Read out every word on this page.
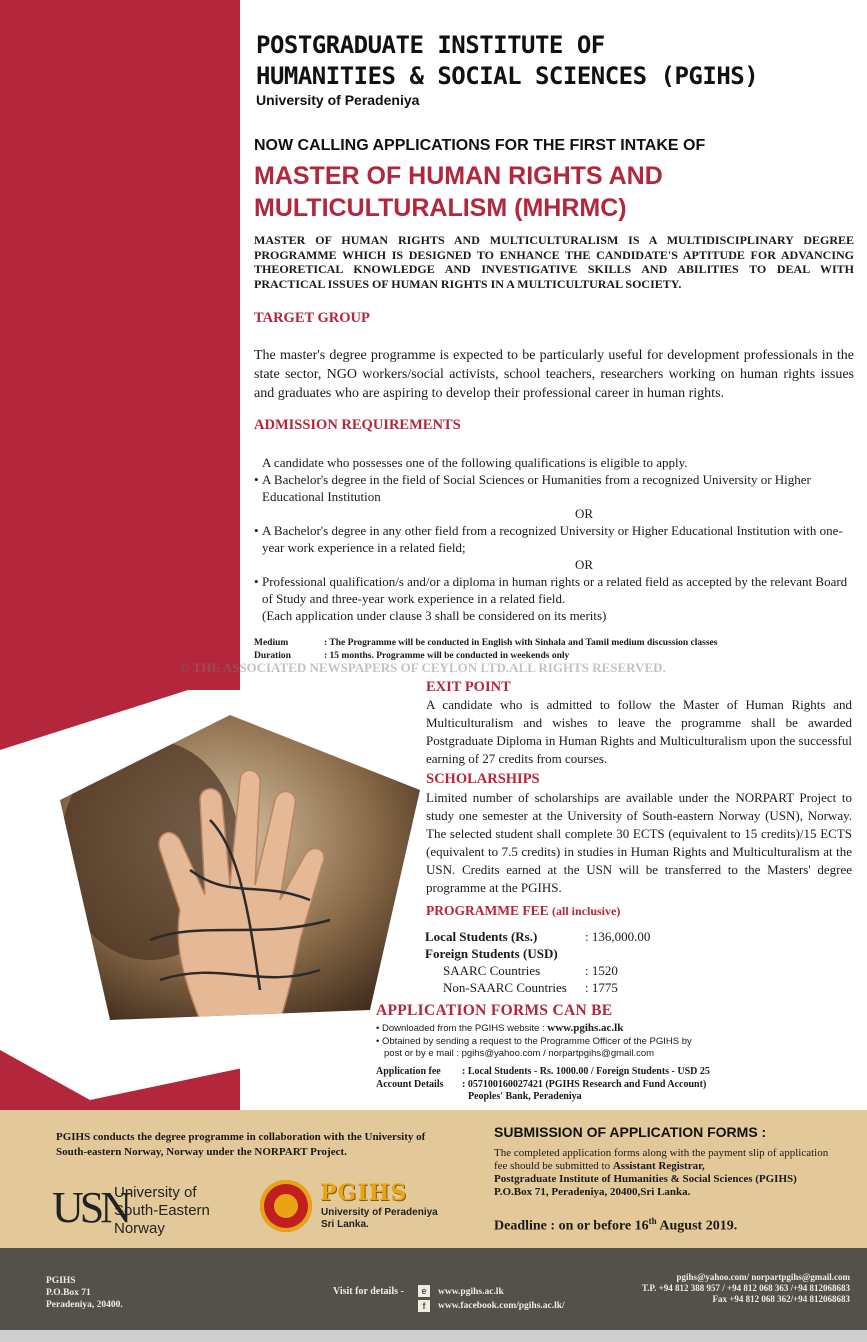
POSTGRADUATE INSTITUTE OF
HUMANITIES & SOCIAL SCIENCES (PGIHS)
University of Peradeniya
NOW CALLING APPLICATIONS FOR THE FIRST INTAKE OF
MASTER OF HUMAN RIGHTS AND
MULTICULTURALISM (MHRMC)
MASTER OF HUMAN RIGHTS AND MULTICULTURALISM IS A MULTIDISCIPLINARY DEGREE PROGRAMME WHICH IS DESIGNED TO ENHANCE THE CANDIDATE'S APTITUDE FOR ADVANCING THEORETICAL KNOWLEDGE AND INVESTIGATIVE SKILLS AND ABILITIES TO DEAL WITH PRACTICAL ISSUES OF HUMAN RIGHTS IN A MULTICULTURAL SOCIETY.
TARGET GROUP
The master's degree programme is expected to be particularly useful for development professionals in the state sector, NGO workers/social activists, school teachers, researchers working on human rights issues and graduates who are aspiring to develop their professional career in human rights.
ADMISSION REQUIREMENTS
A candidate who possesses one of the following qualifications is eligible to apply.
• A Bachelor's degree in the field of Social Sciences or Humanities from a recognized University or Higher Educational Institution
OR
• A Bachelor's degree in any other field from a recognized University or Higher Educational Institution with one-year work experience in a related field;
OR
• Professional qualification/s and/or a diploma in human rights or a related field as accepted by the relevant Board of Study and three-year work experience in a related field.
(Each application under clause 3 shall be considered on its merits)
Medium	: The Programme will be conducted in English with Sinhala and Tamil medium discussion classes
Duration	: 15 months. Programme will be conducted in weekends only
© THE ASSOCIATED NEWSPAPERS OF CEYLON LTD.ALL RIGHTS RESERVED.
EXIT POINT
A candidate who is admitted to follow the Master of Human Rights and Multiculturalism and wishes to leave the programme shall be awarded Postgraduate Diploma in Human Rights and Multiculturalism upon the successful earning of 27 credits from courses.
SCHOLARSHIPS
Limited number of scholarships are available under the NORPART Project to study one semester at the University of South-eastern Norway (USN), Norway. The selected student shall complete 30 ECTS (equivalent to 15 credits)/15 ECTS (equivalent to 7.5 credits) in studies in Human Rights and Multiculturalism at the USN. Credits earned at the USN will be transferred to the Masters' degree programme at the PGIHS.
PROGRAMME FEE (all inclusive)
Local Students (Rs.)	: 136,000.00
Foreign Students (USD)
SAARC Countries	: 1520
Non-SAARC Countries	: 1775
APPLICATION FORMS CAN BE
• Downloaded from the PGIHS website : www.pgihs.ac.lk
• Obtained by sending a request to the Programme Officer of the PGIHS by
post or by e mail : pgihs@yahoo.com / norpartpgihs@gmail.com
Application fee : Local Students - Rs. 1000.00 / Foreign Students - USD 25
Account Details : 057100160027421 (PGIHS Research and Fund Account)
Peoples' Bank, Peradeniya
PGIHS conducts the degree programme in collaboration with the University of South-eastern Norway, Norway under the NORPART Project.
USN
University of
South-Eastern Norway
PGIHS
University of Peradeniya
Sri Lanka.
SUBMISSION OF APPLICATION FORMS :
The completed application forms along with the payment slip of application fee should be submitted to Assistant Registrar,
Postgraduate Institute of Humanities & Social Sciences (PGIHS)
P.O.Box 71, Peradeniya, 20400,Sri Lanka.
Deadline : on or before 16th August 2019.
PGIHS
P.O.Box 71
Peradeniya, 20400.
Visit for details -	e
f
www.pgihs.ac.lk
www.facebook.com/pgihs.ac.lk/
pgihs@yahoo.com/ norpartpgihs@gmail.com
T.P. +94 812 388 957 / +94 812 068 363 /+94 812068683
Fax +94 812 068 362/+94 812068683
